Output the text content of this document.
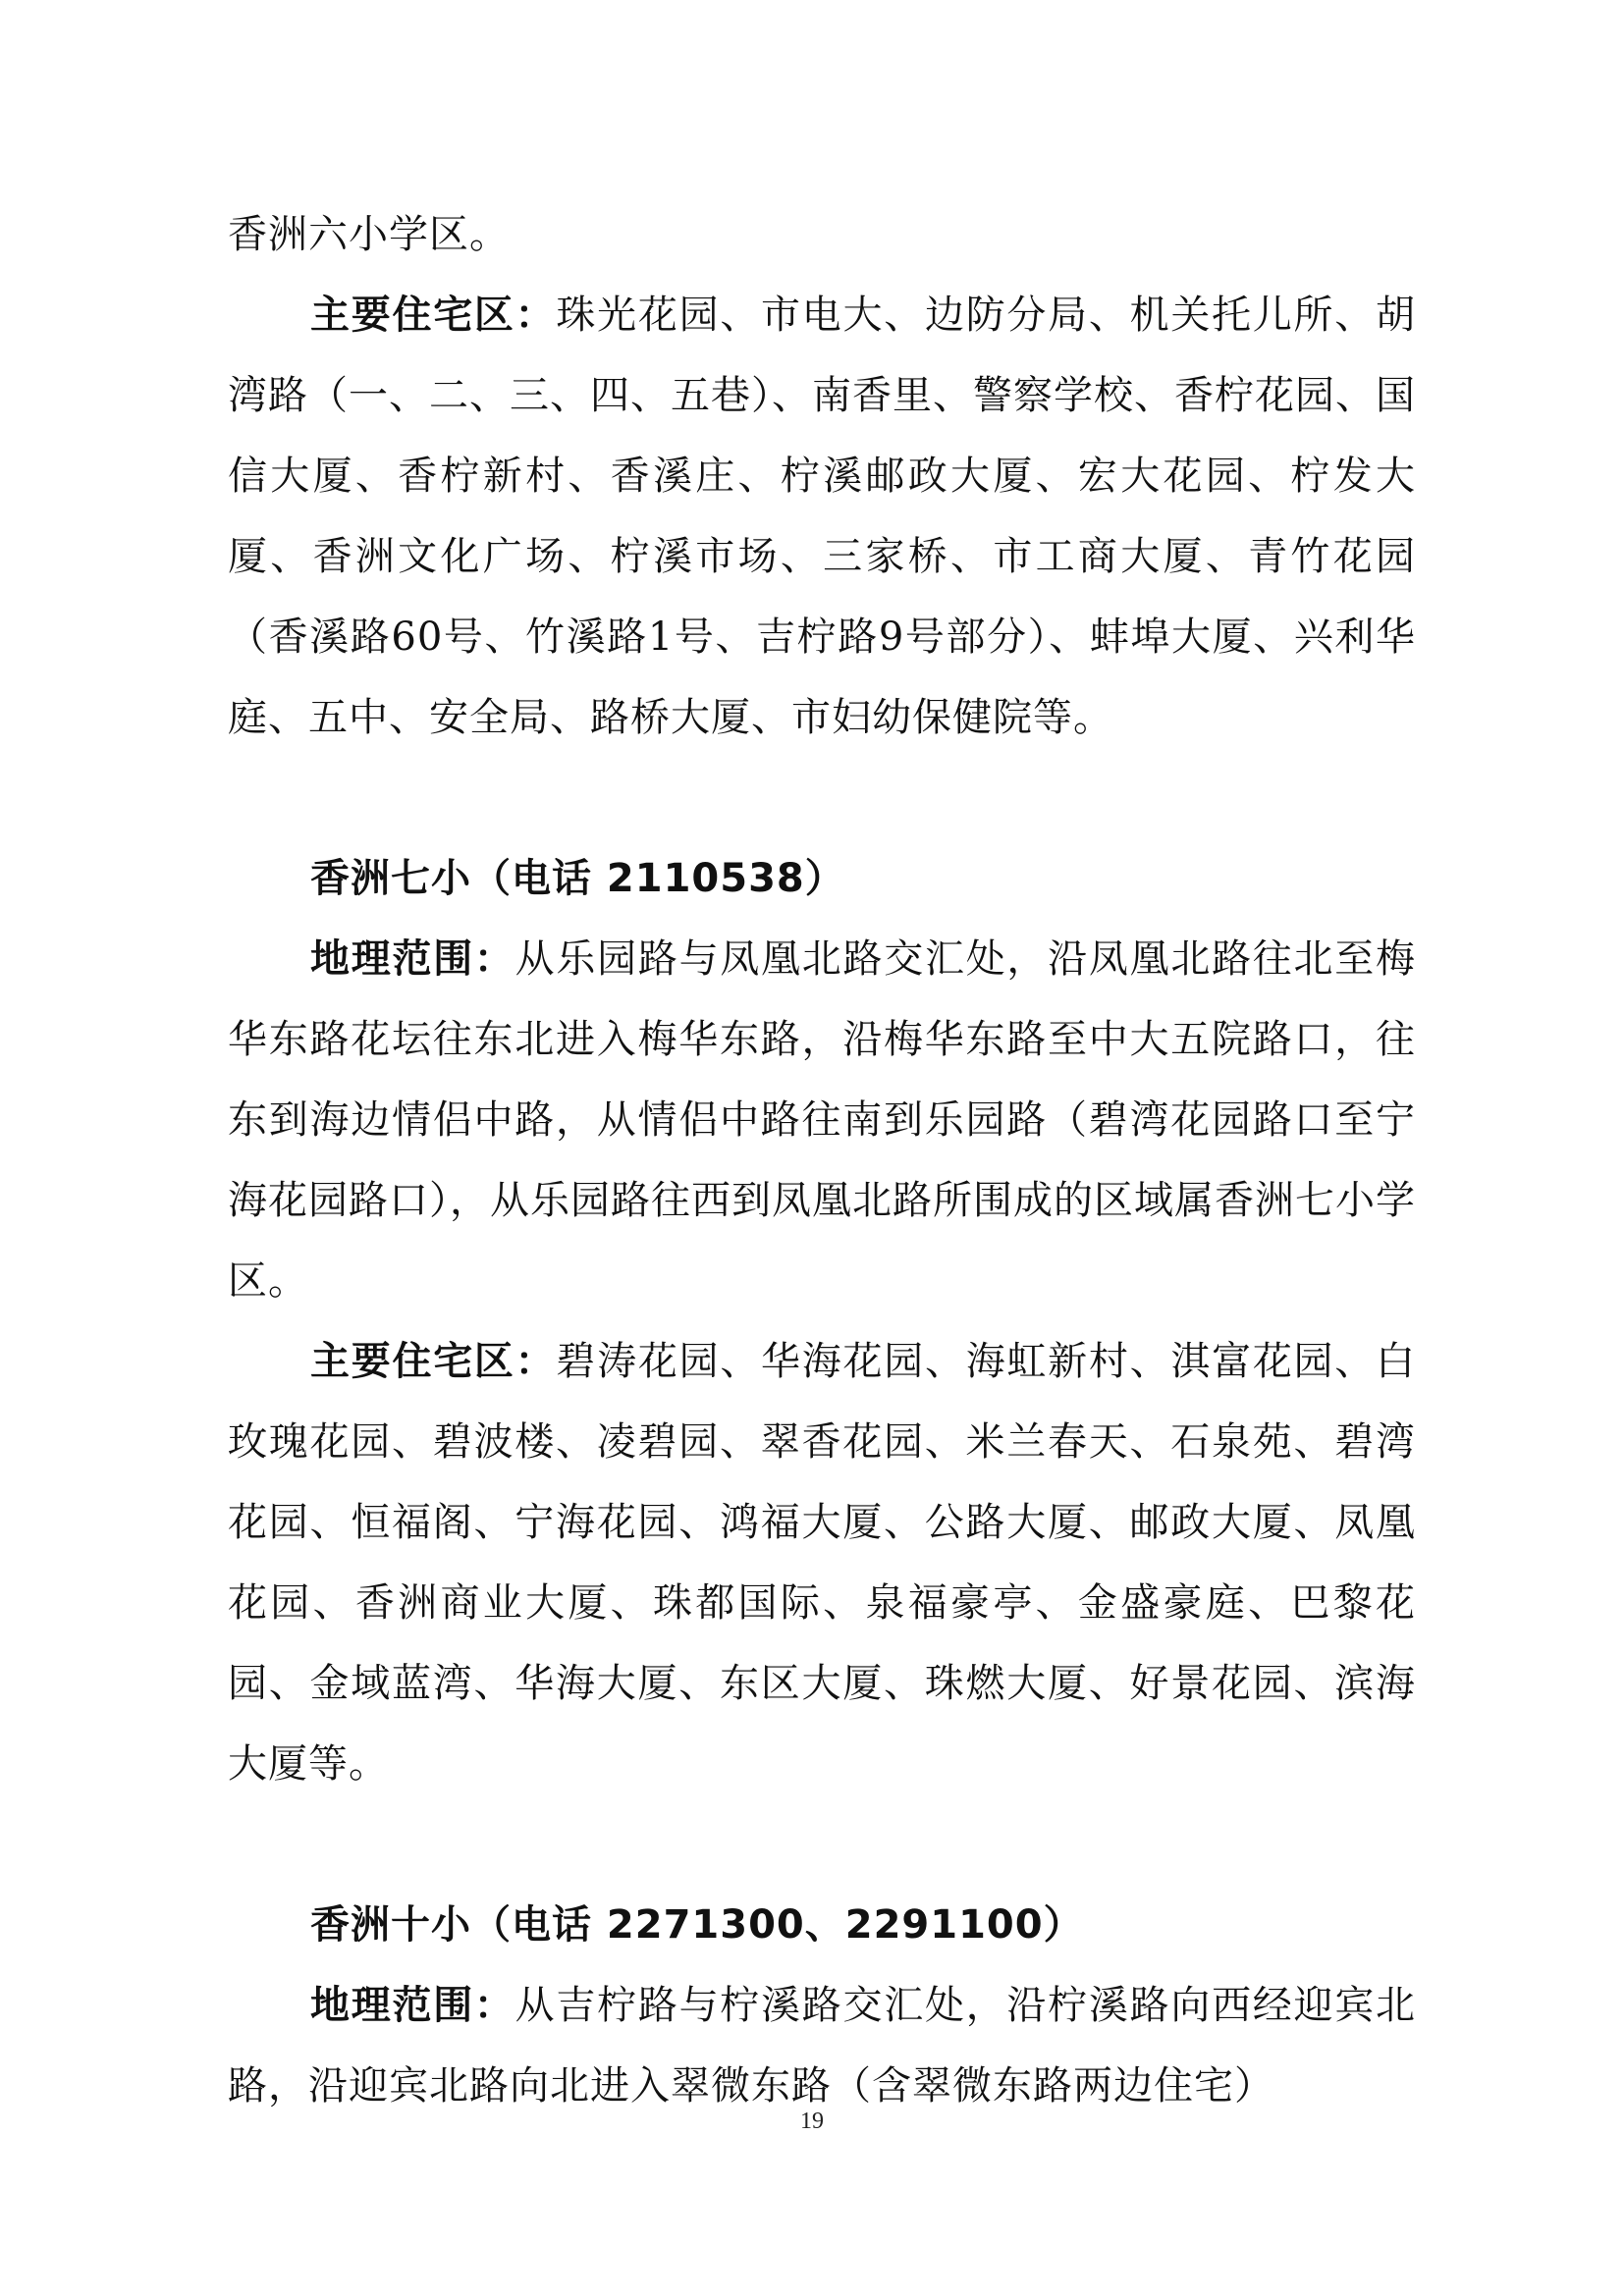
香洲六小学区。

主要住宅区：珠光花园、市电大、边防分局、机关托儿所、胡湾路（一、二、三、四、五巷）、南香里、警察学校、香柠花园、国信大厦、香柠新村、香溪庄、柠溪邮政大厦、宏大花园、柠发大厦、香洲文化广场、柠溪市场、三家桥、市工商大厦、青竹花园（香溪路60号、竹溪路1号、吉柠路9号部分）、蚌埠大厦、兴利华庭、五中、安全局、路桥大厦、市妇幼保健院等。

香洲七小（电话 2110538）

地理范围：从乐园路与凤凰北路交汇处，沿凤凰北路往北至梅华东路花坛往东北进入梅华东路，沿梅华东路至中大五院路口，往东到海边情侣中路，从情侣中路往南到乐园路（碧湾花园路口至宁海花园路口），从乐园路往西到凤凰北路所围成的区域属香洲七小学区。

主要住宅区：碧涛花园、华海花园、海虹新村、淇富花园、白玫瑰花园、碧波楼、凌碧园、翠香花园、米兰春天、石泉苑、碧湾花园、恒福阁、宁海花园、鸿福大厦、公路大厦、邮政大厦、凤凰花园、香洲商业大厦、珠都国际、泉福豪亭、金盛豪庭、巴黎花园、金域蓝湾、华海大厦、东区大厦、珠燃大厦、好景花园、滨海大厦等。

香洲十小（电话 2271300、2291100）

地理范围：从吉柠路与柠溪路交汇处，沿柠溪路向西经迎宾北路，沿迎宾北路向北进入翠微东路（含翠微东路两边住宅）

19
